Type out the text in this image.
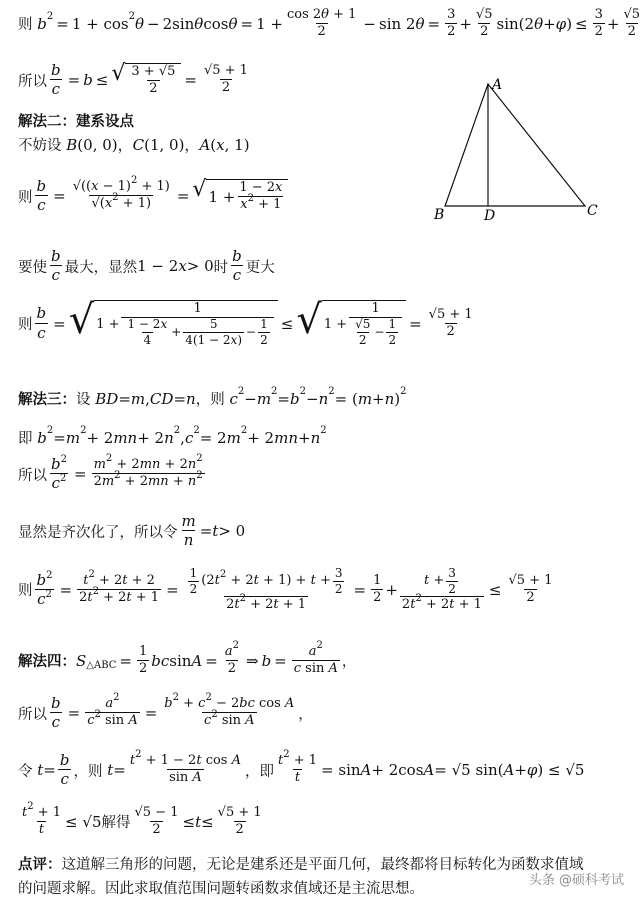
则 b 2 = 1 + cos 2 θ − 2sin θ $\cos \theta = 1 + \frac{\cos 2\theta + 1}{2} - \sin 2$ $\theta = \frac{3}{2} + \frac{√5}{2} \sin(2$ θ + φ ) ≤ $\frac{3}{2} + \frac{√5}{2}$
所以 $\frac{b}{c} = b$ ≤ √ $\frac{3 + √5}{2} = \frac{√5 + 1}{2}$
解法二：建系设点
不妨设 B (0, 0)， C (1, 0)， A ( x , 1)
则 $\frac{b}{c} = \frac{√((x - 1)^2 + 1)}{√(x^2 + 1)}$ = √ $1 + \frac{1 - 2x}{x^2 + 1}$
要使 $\frac{b}{c}$ 最大，显然 1 − 2 x > 0 时 $\frac{b}{c}$ 更大
则 $\frac{b}{c}$ = √ 1 +
1
$\frac{1 - 2x}{4} + \frac{5}{4(1 - 2x)} - \frac{1}{2}$ ≤ √ $1 + \frac{1}{\frac{√5}{2} - \frac{1}{2}} = \frac{√5 + 1}{2}$
解法三： 设 BD = m , CD = n ， 则 c 2 − m 2 = b 2 − n 2 = ( m + n ) 2
即 b 2 = m 2 + 2 mn + 2 n 2 , c 2 = 2 m 2 + 2 mn + n 2
所以 $\frac{b^2}{c^2} = \frac{m^2 + 2mn + 2n^2}{2m^2 + 2mn + n^2}$
显然是齐次化了，所以令 $\frac{m}{n} = t > 0$
则 $\frac{b^2}{c^2} = \frac{t^2 + 2t + 2}{2t^2 + 2t + 1} = \frac{\frac{1}{2} (2t^2 + 2t + 1) + t + \frac{3}{2}}{2t^2 + 2t + 1} = \frac{1}{2} + \frac{t + \frac{3}{2}}{2t^2 + 2t + 1} \le \frac{√5 + 1}{2}$
解法四： S △ABC = $\frac{1}{2}$ bc $\sin A = \frac{a^2}{2}$ ⇒ $b = \frac{a^2}{\text{c sin A}}$ ，
所以 $\frac{b}{c} = \frac{a^2}{c^2 \sin A} = \frac{b^2 + c^2 - 2bc \cos A}{c^2 \sin A}$ ，
令 $t = \frac{b}{c}$ ， 则 $t = \frac{t^2 + 1 - 2t \cos A}{\text{sin A}}$ ， 即 $\frac{t^2 + 1}{t} = \sin A + 2\cos$ A = √5 sin( A + φ ) ≤ √5
$\frac{t^2 + 1}{t} \le √5$ 解得 $\frac{√5 - 1}{2} \le t \le \frac{√5 + 1}{2}$
点评： 这道解三角形的问题，无论是建系还是平面几何，最终都将目标转化为函数求值域
的问题求解。因此求取值范围问题转函数求值域还是主流思想。
A
B	C
D
头条 @硕科考试
